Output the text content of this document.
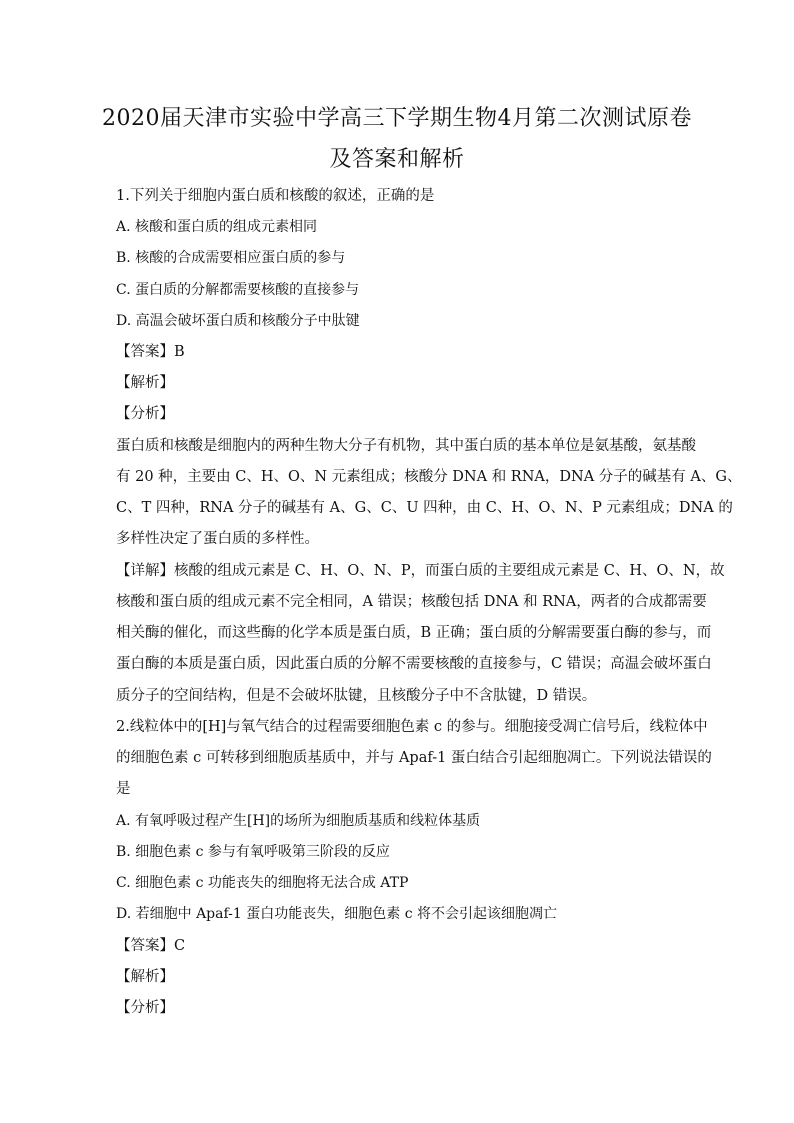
2020届天津市实验中学高三下学期生物4月第二次测试原卷
及答案和解析
1.下列关于细胞内蛋白质和核酸的叙述，正确的是
A. 核酸和蛋白质的组成元素相同
B. 核酸的合成需要相应蛋白质的参与
C. 蛋白质的分解都需要核酸的直接参与
D. 高温会破坏蛋白质和核酸分子中肽键
【答案】B
【解析】
【分析】
蛋白质和核酸是细胞内的两种生物大分子有机物，其中蛋白质的基本单位是氨基酸，氨基酸
有 20 种，主要由 C、H、O、N 元素组成；核酸分 DNA 和 RNA，DNA 分子的碱基有 A、G、
C、T 四种，RNA 分子的碱基有 A、G、C、U 四种，由 C、H、O、N、P 元素组成；DNA 的
多样性决定了蛋白质的多样性。
【详解】核酸的组成元素是 C、H、O、N、P，而蛋白质的主要组成元素是 C、H、O、N，故
核酸和蛋白质的组成元素不完全相同，A 错误；核酸包括 DNA 和 RNA，两者的合成都需要
相关酶的催化，而这些酶的化学本质是蛋白质，B 正确；蛋白质的分解需要蛋白酶的参与，而
蛋白酶的本质是蛋白质，因此蛋白质的分解不需要核酸的直接参与，C 错误；高温会破坏蛋白
质分子的空间结构，但是不会破坏肽键，且核酸分子中不含肽键，D 错误。
2.线粒体中的[H]与氧气结合的过程需要细胞色素 c 的参与。细胞接受凋亡信号后，线粒体中
的细胞色素 c 可转移到细胞质基质中，并与 Apaf-1 蛋白结合引起细胞凋亡。下列说法错误的
是
A. 有氧呼吸过程产生[H]的场所为细胞质基质和线粒体基质
B. 细胞色素 c 参与有氧呼吸第三阶段的反应
C. 细胞色素 c 功能丧失的细胞将无法合成 ATP
D. 若细胞中 Apaf-1 蛋白功能丧失，细胞色素 c 将不会引起该细胞凋亡
【答案】C
【解析】
【分析】
